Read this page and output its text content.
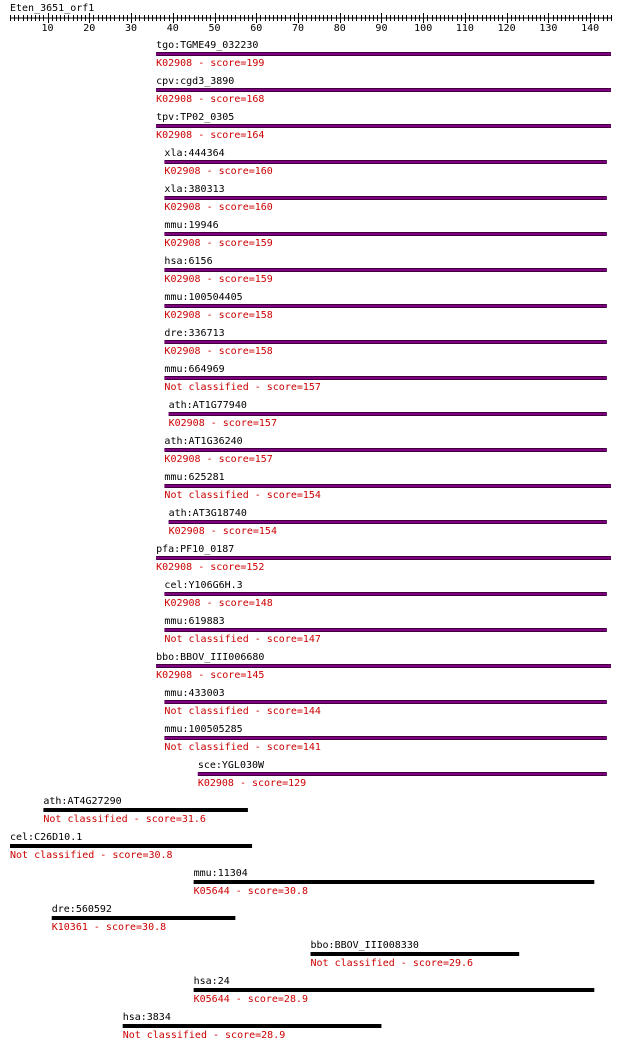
Eten_3651_orf1
10	20	30	40	50	60	70	80	90	100 110 120 130 140
tgo:TGME49_032230
K02908 - score=199
cpv:cgd3_3890
K02908 - score=168
tpv:TP02_0305
K02908 - score=164
xla:444364
K02908 - score=160
xla:380313
K02908 - score=160
mmu:19946
K02908 - score=159
hsa:6156
K02908 - score=159
mmu:100504405
K02908 - score=158
dre:336713
K02908 - score=158
mmu:664969
Not classified - score=157
ath:AT1G77940
K02908 - score=157
ath:AT1G36240
K02908 - score=157
mmu:625281
Not classified - score=154
ath:AT3G18740
K02908 - score=154
pfa:PF10_0187
K02908 - score=152
cel:Y106G6H.3
K02908 - score=148
mmu:619883
Not classified - score=147
bbo:BBOV_III006680
K02908 - score=145
mmu:433003
Not classified - score=144
mmu:100505285
Not classified - score=141
sce:YGL030W
K02908 - score=129
ath:AT4G27290
Not classified - score=31.6
cel:C26D10.1
Not classified - score=30.8
mmu:11304
K05644 - score=30.8
dre:560592
K10361 - score=30.8
bbo:BBOV_III008330
Not classified - score=29.6
hsa:24
K05644 - score=28.9
hsa:3834
Not classified - score=28.9
